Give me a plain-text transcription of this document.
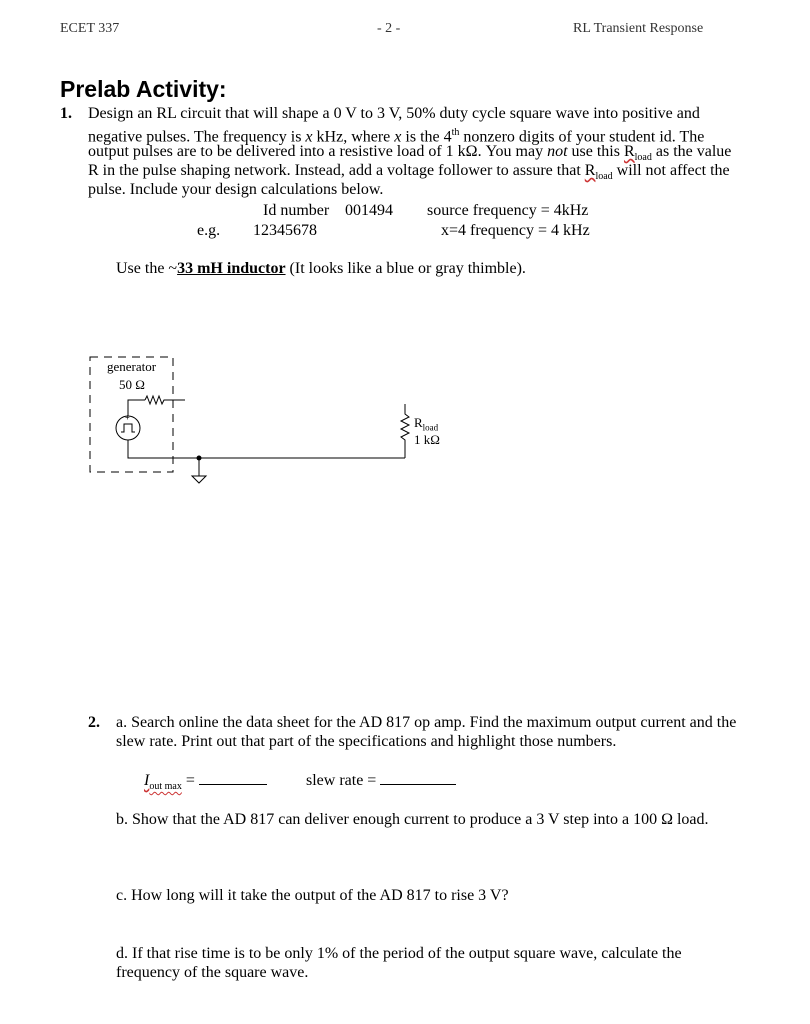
ECET 337	- 2 -	RL Transient Response
Prelab Activity:
1. Design an RL circuit that will shape a 0 V to 3 V, 50% duty cycle square wave into positive and
negative pulses. The frequency is x kHz, where x is the 4th nonzero digits of your student id. The
output pulses are to be delivered into a resistive load of 1 kΩ. You may not use this $R_{load}$ as the value
R in the pulse shaping network. Instead, add a voltage follower to assure that $R_{load}$ will not affect the
pulse. Include your design calculations below.
Id number 001494 source frequency = 4kHz
e.g. 12345678	x=4 frequency = 4 kHz
Use the ~33 mH inductor (It looks like a blue or gray thimble).
+
generator
50 Ω
$R_{load}$
1 kΩ
2. a. Search online the data sheet for the AD 817 op amp. Find the maximum output current and the
slew rate. Print out that part of the specifications and highlight those numbers.
$I_{out max}$ =	slew rate =
b. Show that the AD 817 can deliver enough current to produce a 3 V step into a 100 Ω load.
c. How long will it take the output of the AD 817 to rise 3 V?
d. If that rise time is to be only 1% of the period of the output square wave, calculate the
frequency of the square wave.
